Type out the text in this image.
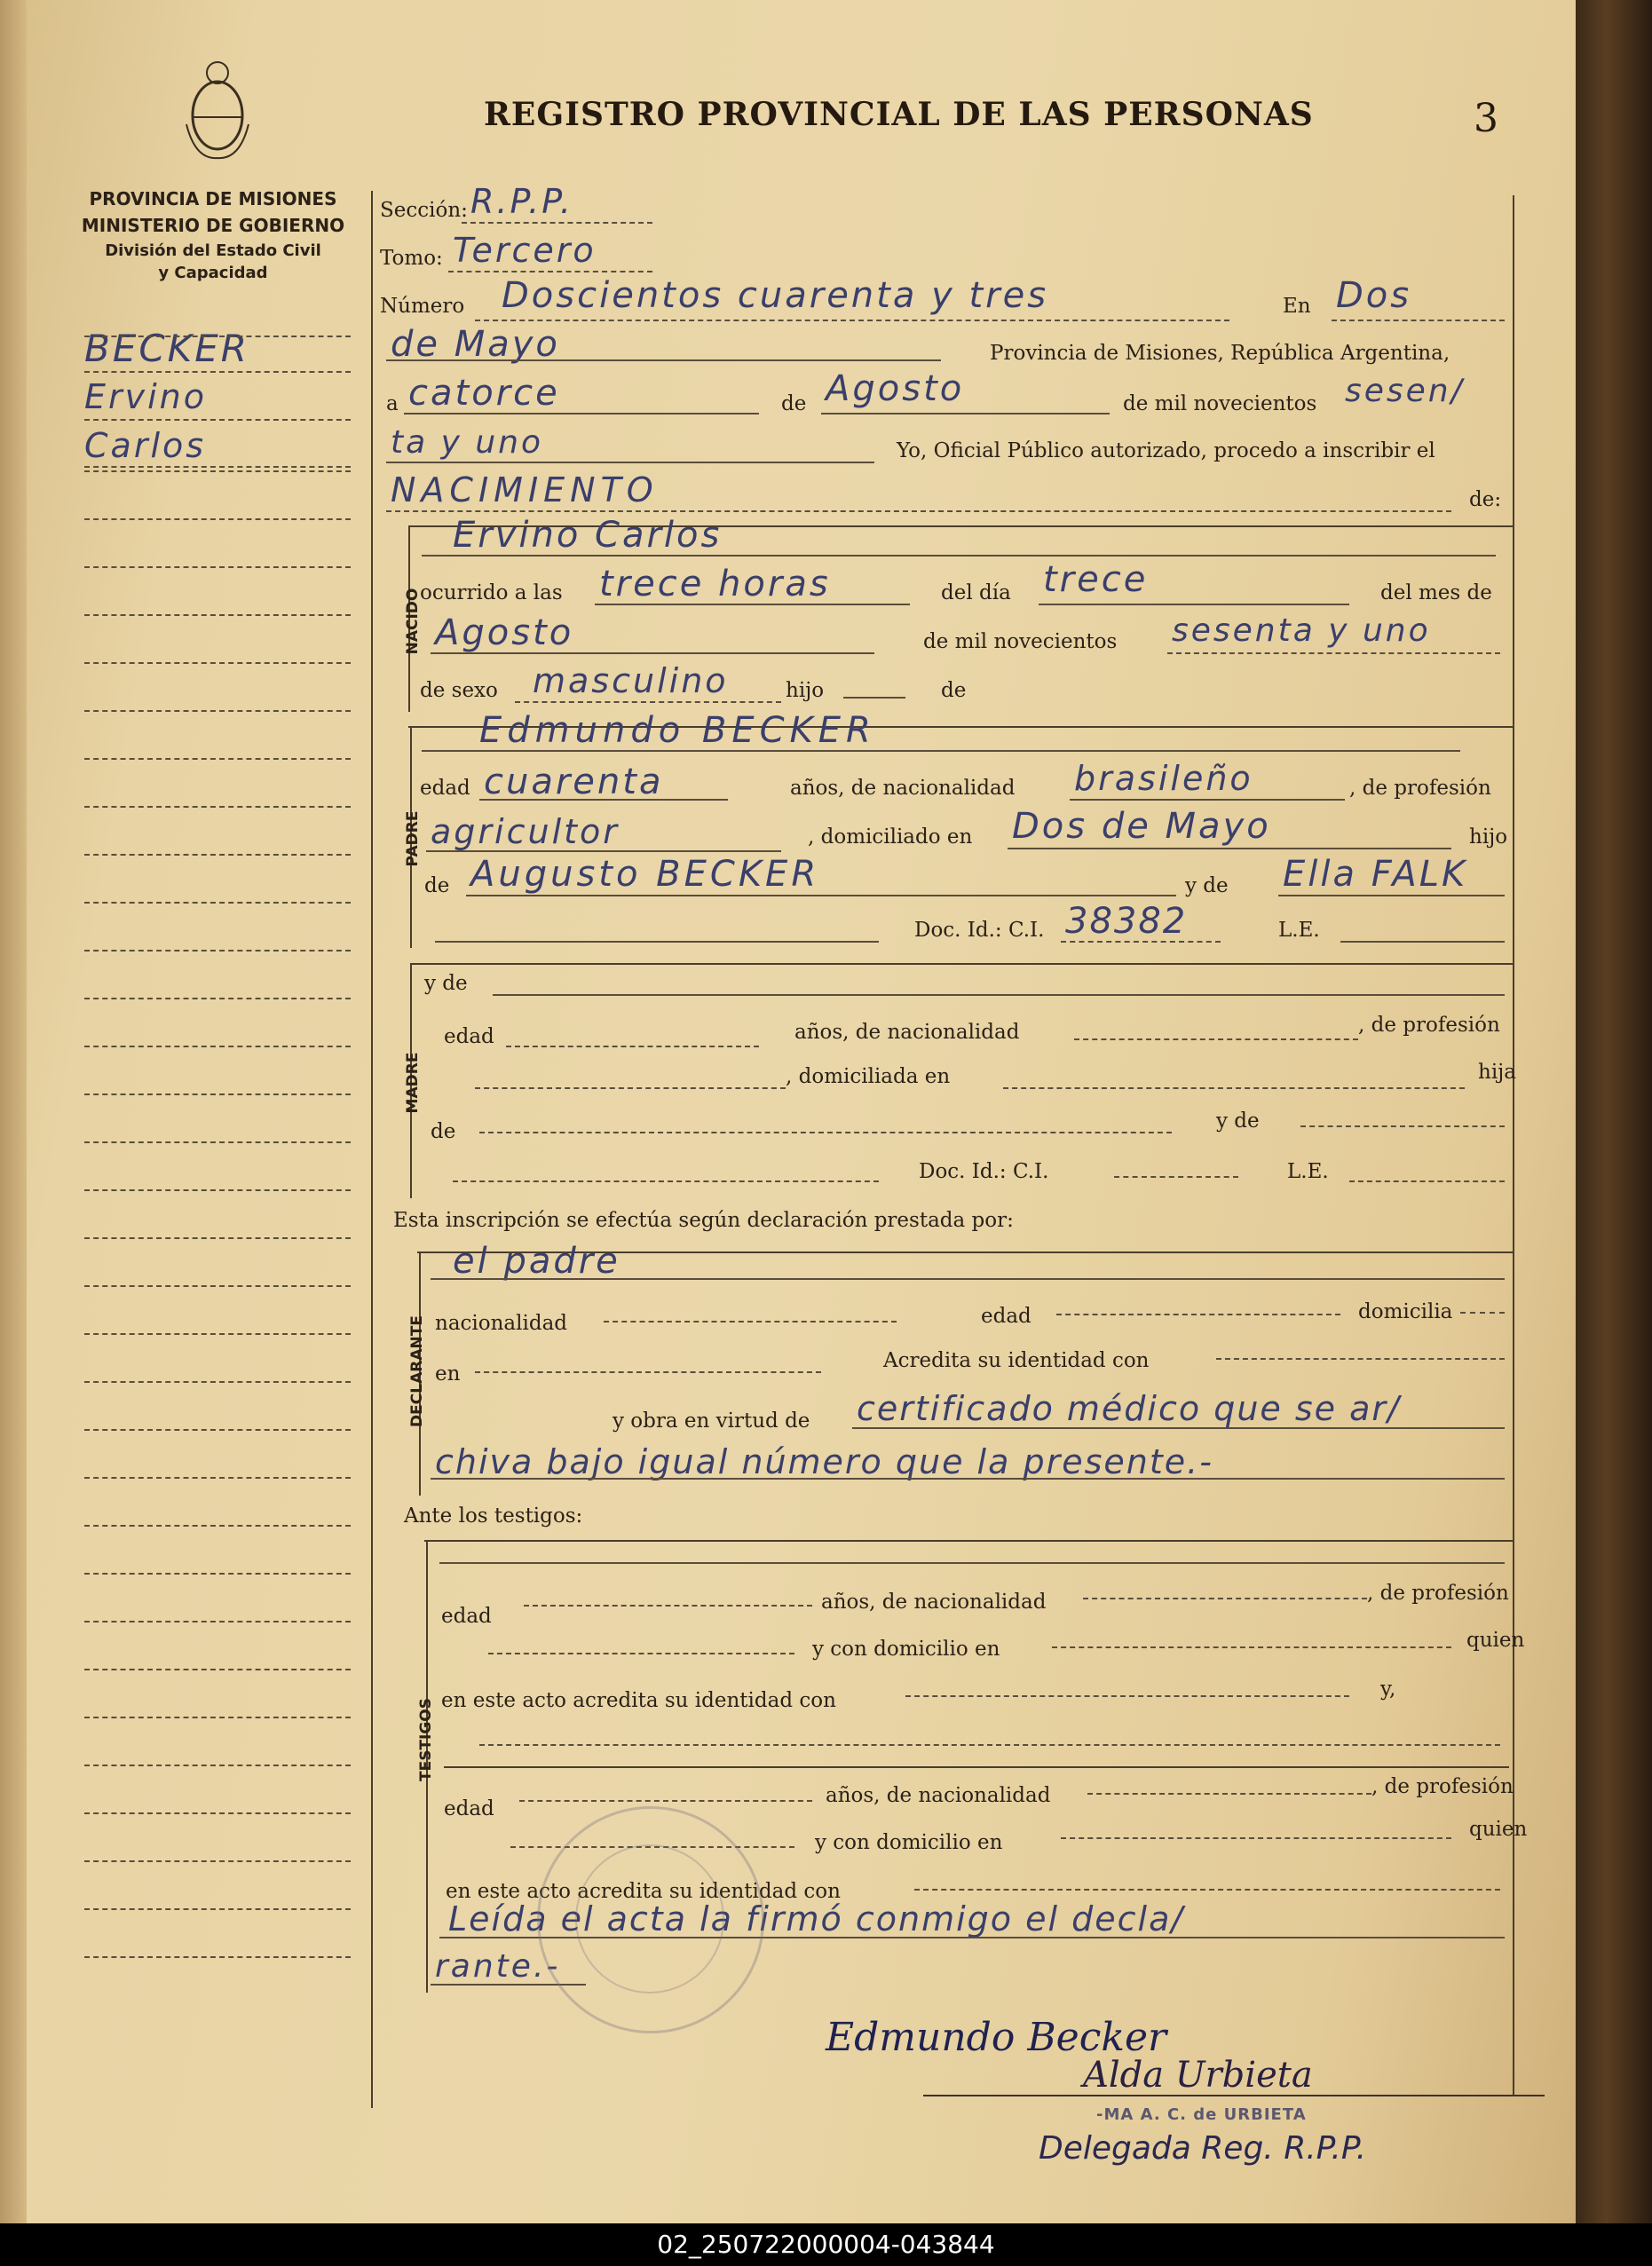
REGISTRO PROVINCIAL DE LAS PERSONAS	3
PROVINCIA DE MISIONES
MINISTERIO DE GOBIERNO
División del Estado Civil
y Capacidad
BECKER
Ervino
Carlos
Sección: R.P.P.
Tomo: Tercero
Número Doscientos cuarenta y tres	En Dos
de Mayo	Provincia de Misiones, República Argentina,
a catorce	de Agosto	de mil novecientos sesen/
ta y uno	Yo, Oficial Público autorizado, procedo a inscribir el
NACIMIENTO	de:
NACIDO
Ervino Carlos
ocurrido a las trece horas	del día trece	del mes de
Agosto	de mil novecientos sesenta y uno
de sexo masculino	hijo	de
PADRE
Edmundo BECKER
edad cuarenta	años, de nacionalidad brasileño	, de profesión
agricultor	, domiciliado en Dos de Mayo	hijo
de Augusto BECKER	y de Ella FALK
Doc. Id.: C.I. 38382	L.E.
MADRE
y de
edad	años, de nacionalidad	, de profesión
, domiciliada en	hija
de	y de
Doc. Id.: C.I.	L.E.
Esta inscripción se efectúa según declaración prestada por:
DECLARANTE
el padre
nacionalidad	edad	domicilia
en
Acredita su identidad con
y obra en virtud de certificado médico que se ar/
chiva bajo igual número que la presente.-
Ante los testigos:
TESTIGOS
edad
años, de nacionalidad	, de profesión
y con domicilio en	quien
en este acto acredita su identidad con	y,
edad
años, de nacionalidad	, de profesión
y con domicilio en
quien
en este acto acredita su identidad con
Leída el acta la firmó conmigo el decla/
rante.-
Edmundo Becker
Alda Urbieta
-MA A. C. de URBIETA
Delegada Reg. R.P.P.
02_250722000004-043844
